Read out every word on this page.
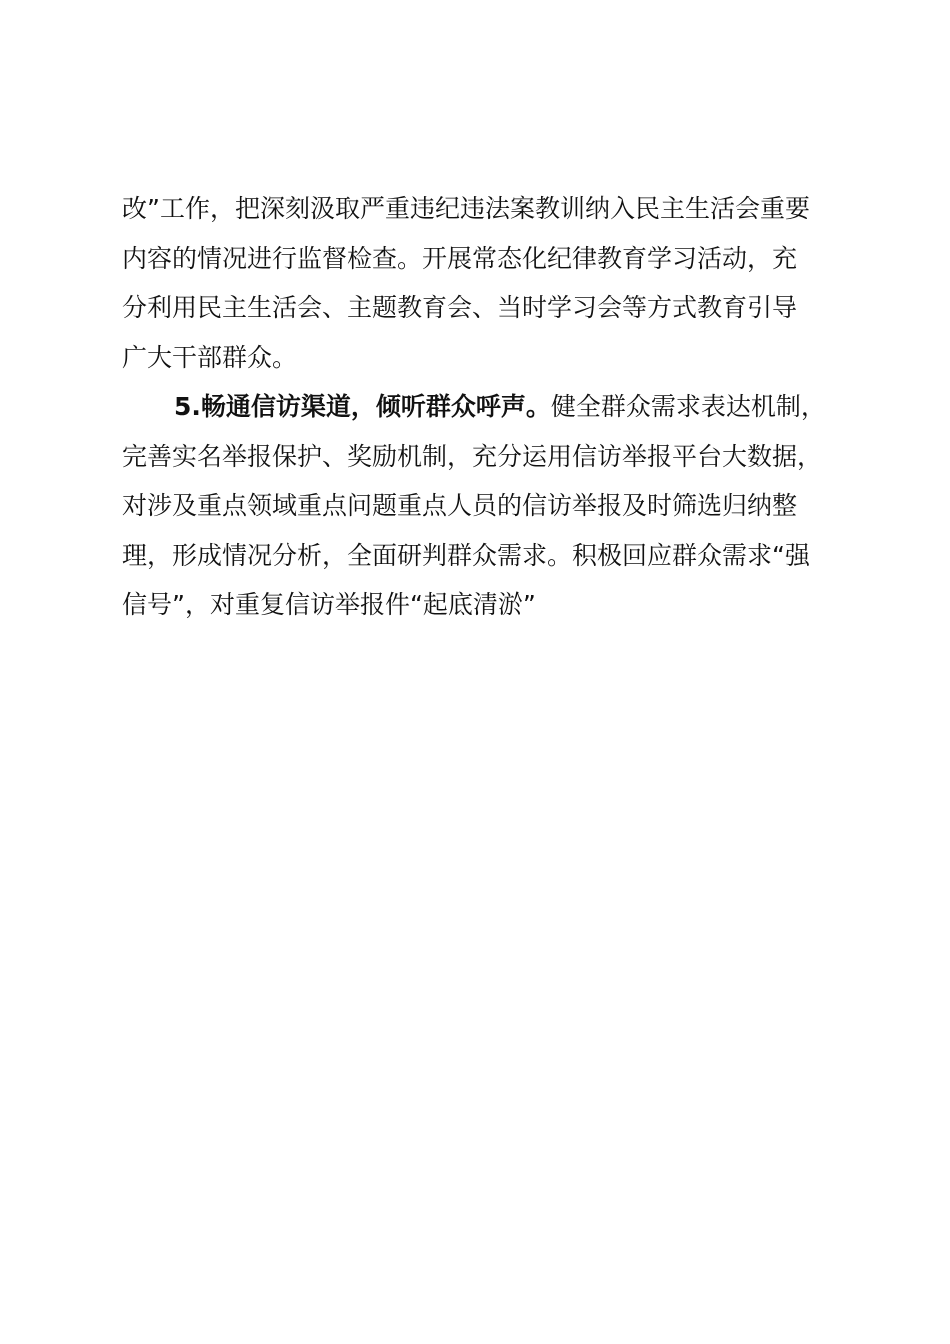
改”工作，把深刻汲取严重违纪违法案教训纳入民主生活会重要
内容的情况进行监督检查。开展常态化纪律教育学习活动，充
分利用民主生活会、主题教育会、当时学习会等方式教育引导
广大干部群众。
5.畅通信访渠道，倾听群众呼声。健全群众需求表达机制，
完善实名举报保护、奖励机制，充分运用信访举报平台大数据，
对涉及重点领域重点问题重点人员的信访举报及时筛选归纳整
理，形成情况分析，全面研判群众需求。积极回应群众需求“强
信号”，对重复信访举报件“起底清淤”
